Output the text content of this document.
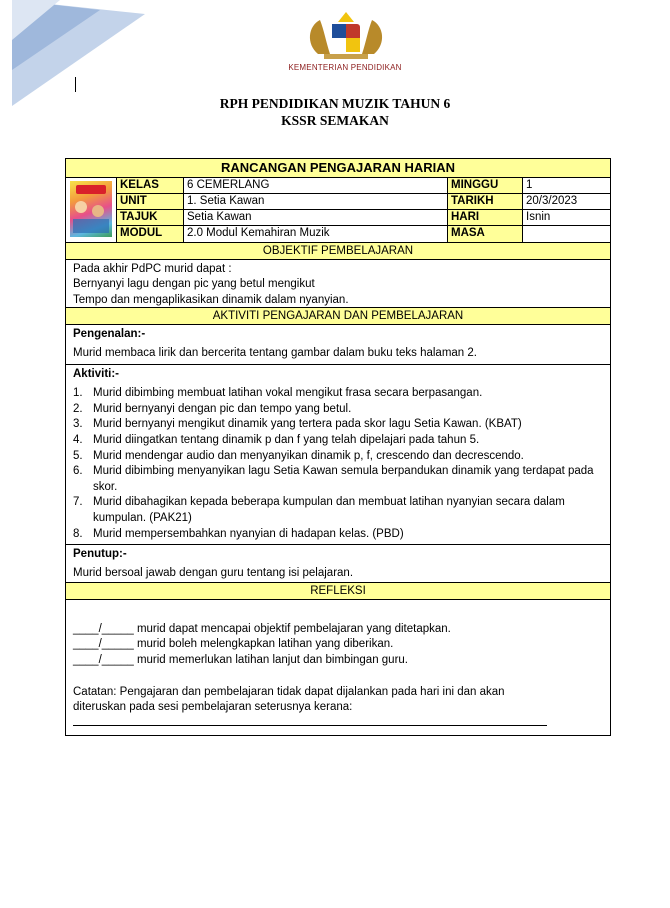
KEMENTERIAN PENDIDIKAN
RPH PENDIDIKAN MUZIK TAHUN 6
KSSR SEMAKAN
RANCANGAN PENGAJARAN HARIAN
KELAS	6 CEMERLANG	MINGGU	1
UNIT	1. Setia Kawan	TARIKH	20/3/2023
TAJUK	Setia Kawan	HARI	Isnin
MODUL	2.0 Modul Kemahiran Muzik	MASA
OBJEKTIF PEMBELAJARAN

Pada akhir PdPC murid dapat :

Bernyanyi lagu dengan pic yang betul mengikut

Tempo dan mengaplikasikan dinamik dalam nyanyian.

AKTIVITI PENGAJARAN DAN PEMBELAJARAN

Pengenalan:-

Murid membaca lirik dan bercerita tentang gambar dalam buku teks halaman 2.

Aktiviti:-

1. Murid dibimbing membuat latihan vokal mengikut frasa secara berpasangan.
2. Murid bernyanyi dengan pic dan tempo yang betul.
3. Murid bernyanyi mengikut dinamik yang tertera pada skor lagu Setia Kawan. (KBAT)
4. Murid diingatkan tentang dinamik p dan f yang telah dipelajari pada tahun 5.
5. Murid mendengar audio dan menyanyikan dinamik p, f, crescendo dan decrescendo.
6. Murid dibimbing menyanyikan lagu Setia Kawan semula berpandukan dinamik yang terdapat pada skor.
7. Murid dibahagikan kepada beberapa kumpulan dan membuat latihan nyanyian secara dalam kumpulan. (PAK21)
8. Murid mempersembahkan nyanyian di hadapan kelas. (PBD)

Penutup:-

Murid bersoal jawab dengan guru tentang isi pelajaran.

REFLEKSI

____/_____ murid dapat mencapai objektif pembelajaran yang ditetapkan.

____/_____ murid boleh melengkapkan latihan yang diberikan.

____/_____ murid memerlukan latihan lanjut dan bimbingan guru.

Catatan: Pengajaran dan pembelajaran tidak dapat dijalankan pada hari ini dan akan

diteruskan pada sesi pembelajaran seterusnya kerana:
